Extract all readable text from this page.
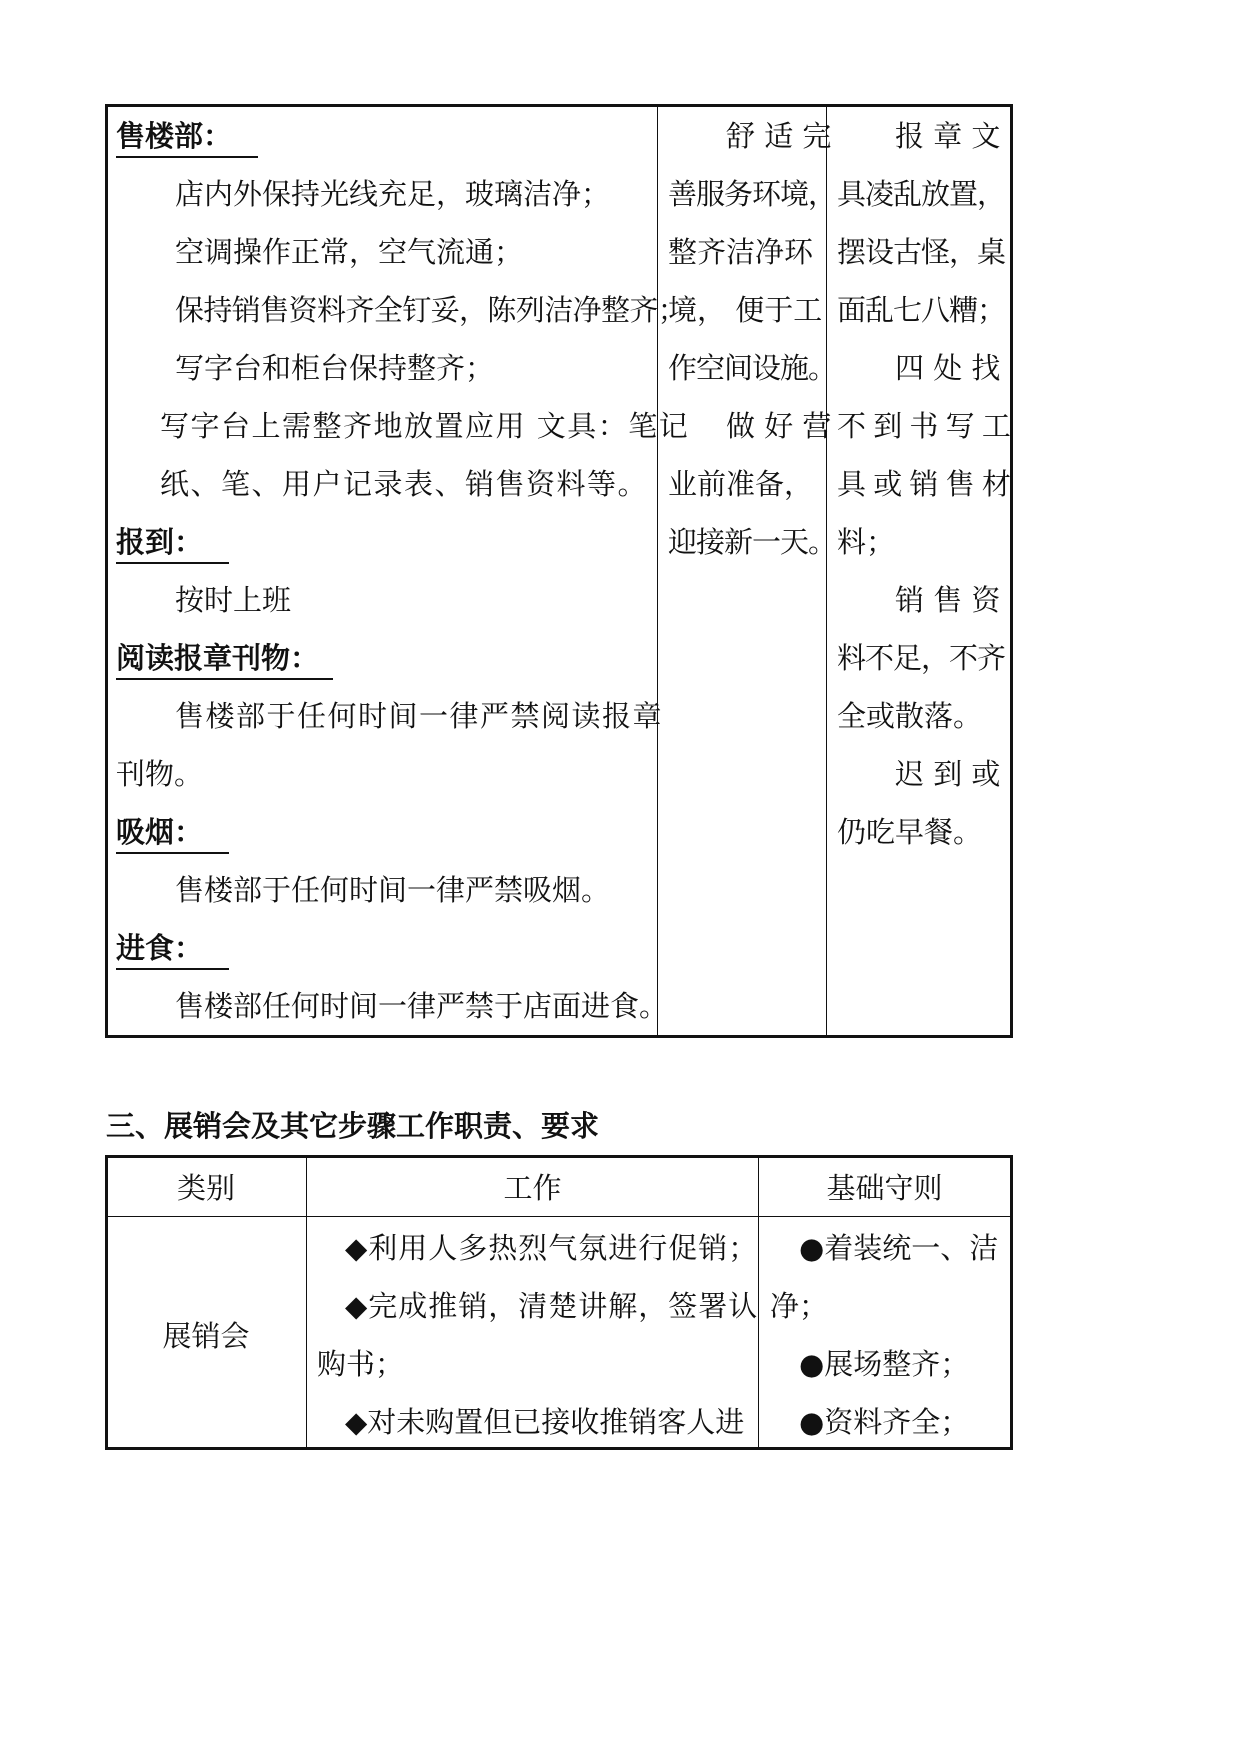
售楼部：
店内外保持光线充足，玻璃洁净；
空调操作正常，空气流通；
保持销售资料齐全钉妥，陈列洁净整齐；
写字台和柜台保持整齐；
写字台上需整齐地放置应用 文具：笔记
纸、笔、用户记录表、销售资料等。
报到：
按时上班
阅读报章刊物：
售楼部于任何时间一律严禁阅读报章
刊物。
吸烟：
售楼部于任何时间一律严禁吸烟。
进食：
售楼部任何时间一律严禁于店面进食。
舒 适 完
善服务环境，
整齐洁净环
境， 便于工
作空间设施。
做 好 营
业前准备，
迎接新一天。
报 章 文
具凌乱放置，
摆设古怪，桌
面乱七八糟；
四 处 找
不 到 书 写 工
具 或 销 售 材
料；
销 售 资
料不足，不齐
全或散落。
迟 到 或
仍吃早餐。
三、展销会及其它步骤工作职责、要求
类别	工作	基础守则
展销会
◆利用人多热烈气氛进行促销；
◆完成推销，清楚讲解，签署认
购书；
◆对未购置但已接收推销客人进
●着装统一、洁
净；
●展场整齐；
●资料齐全；
